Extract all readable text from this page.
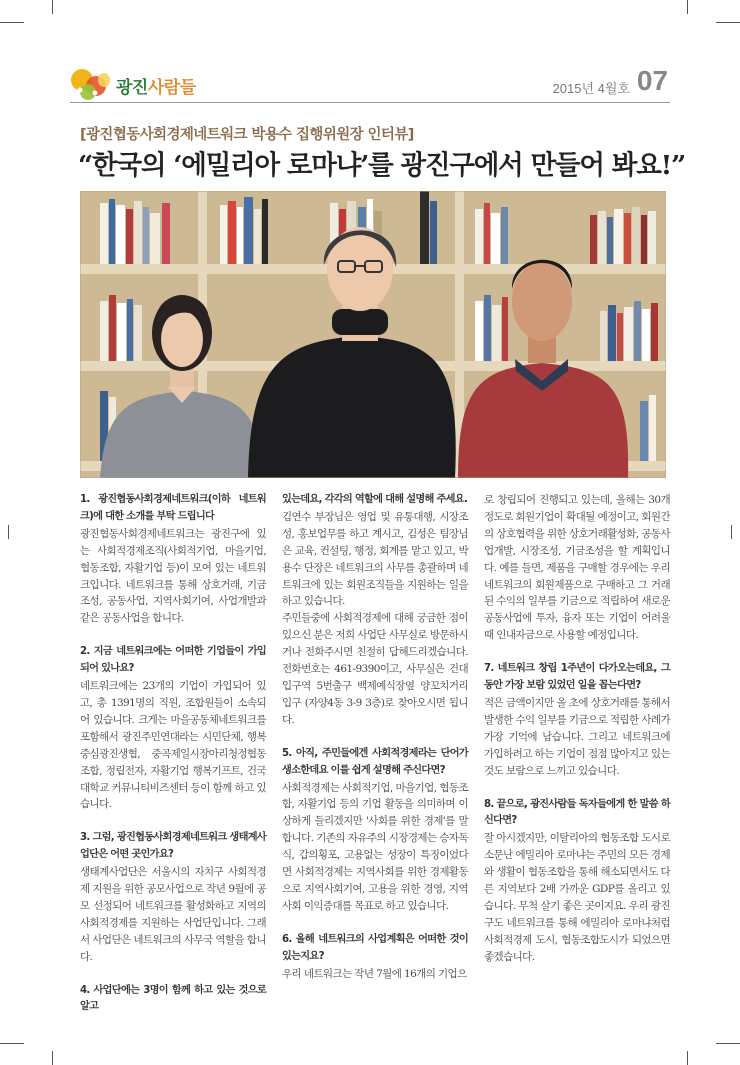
광진사람들	2015년 4월호 07
[광진협동사회경제네트워크 박용수 집행위원장 인터뷰]
“한국의 ‘에밀리아 로마냐’를 광진구에서 만들어 봐요!”
1. 광진협동사회경제네트워크(이하 네트워크)에 대한 소개를 부탁 드립니다

광진협동사회경제네트워크는 광진구에 있는 사회적경제조직(사회적기업, 마을기업, 협동조합, 자활기업 등)이 모여 있는 네트워크입니다. 네트워크를 통해 상호거래, 기금조성, 공동사업, 지역사회기여, 사업개발과 같은 공동사업을 합니다.

2. 지금 네트워크에는 어떠한 기업들이 가입되어 있나요?

네트워크에는 23개의 기업이 가입되어 있고, 총 1391명의 직원, 조합원들이 소속되어 있습니다. 크게는 마을공동체네트워크를 포함해서 광진주민연대라는 시민단체, 행복중심광진생협, 중곡제일시장아리청정협동조합, 정립전자, 자활기업 행복기프트, 건국대학교 커뮤니티비즈센터 등이 함께 하고 있습니다.

3. 그럼, 광진협동사회경제네트워크 생태계사업단은 어떤 곳인가요?

생태계사업단은 서울시의 자치구 사회적경제 지원을 위한 공모사업으로 작년 9월에 공모 선정되어 네트워크를 활성화하고 지역의 사회적경제를 지원하는 사업단입니다. 그래서 사업단은 네트워크의 사무국 역할을 합니다.

4. 사업단에는 3명이 함께 하고 있는 것으로 알고
있는데요, 각각의 역할에 대해 설명해 주세요.

김연수 부장님은 영업 및 유통대행, 시장조성, 홍보업무를 하고 계시고, 김성은 팀장님은 교육, 컨설팅, 행정, 회계를 맡고 있고, 박용수 단장은 네트워크의 사무를 총괄하며 네트워크에 있는 회원조직들을 지원하는 일을 하고 있습니다.

주민들중에 사회적경제에 대해 궁금한 점이 있으신 분은 저희 사업단 사무실로 방문하시거나 전화주시면 친절히 답해드리겠습니다. 전화번호는 461-9390이고, 사무실은 건대입구역 5번출구 백제예식장옆 양꼬치거리 입구 (자양4동 3-9 3층)로 찾아오시면 됩니다.

5. 아직, 주민들에겐 사회적경제라는 단어가 생소한데요 이를 쉽게 설명해 주신다면?

사회적경제는 사회적기업, 마을기업, 협동조합, 자활기업 등의 기업 활동을 의미하며 이상하게 들리겠지만 '사회를 위한 경제'를 말합니다. 기존의 자유주의 시장경제는 승자독식, 갑의횡포, 고용없는 성장이 특징이었다면 사회적경제는 지역사회를 위한 경제활동으로 지역사회기여, 고용을 위한 경영, 지역사회 이익증대를 목표로 하고 있습니다.

6. 올해 네트워크의 사업계획은 어떠한 것이 있는지요?

우리 네트워크는 작년 7월에 16개의 기업으

로 창립되어 진행되고 있는데, 올해는 30개 정도로 회원기업이 확대될 예정이고, 회원간의 상호협력을 위한 상호거래활성화, 공동사업개발, 시장조성, 기금조성을 할 계획입니다. 예를 들면, 제품을 구매할 경우에는 우리 네트워크의 회원제품으로 구매하고 그 거래된 수익의 일부를 기금으로 적립하여 새로운 공동사업에 투자, 융자 또는 기업이 어려울 때 인내자금으로 사용할 예정입니다.

7. 네트워크 창립 1주년이 다가오는데요, 그동안 가장 보람 있었던 일을 꼽는다면?

적은 금액이지만 올 초에 상호거래를 통해서 발생한 수익 일부를 기금으로 적립한 사례가 가장 기억에 남습니다. 그리고 네트워크에 가입하려고 하는 기업이 점점 많아지고 있는 것도 보람으로 느끼고 있습니다.

8. 끝으로, 광진사람들 독자들에게 한 말씀 하신다면?

잘 아시겠지만, 이탈리아의 협동조합 도시로 소문난 에밀리아 로마냐는 주민의 모든 경제와 생활이 협동조합을 통해 해소되면서도 다른 지역보다 2배 가까운 GDP를 올리고 있습니다. 무척 살기 좋은 곳이지요. 우리 광진구도 네트워크를 통해 에밀리아 로마냐처럼 사회적경제 도시, 협동조합도시가 되었으면 좋겠습니다.
